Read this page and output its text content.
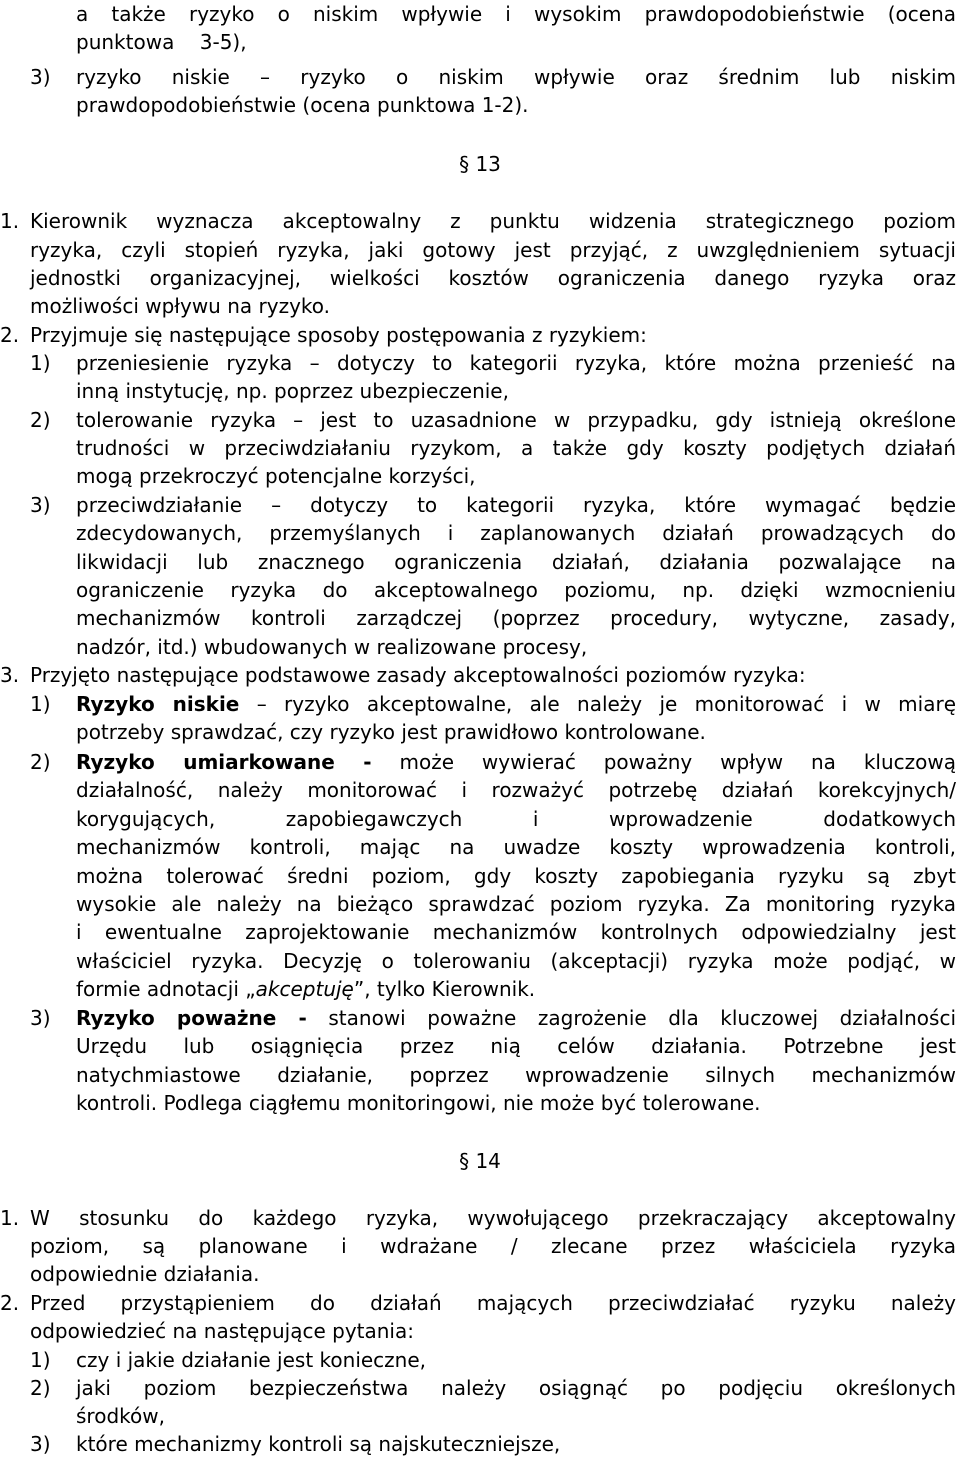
a także ryzyko o niskim wpływie i wysokim prawdopodobieństwie (ocena
punktowa    3-5),
3) ryzyko niskie – ryzyko o niskim wpływie oraz średnim lub niskim
prawdopodobieństwie (ocena punktowa 1-2).
§ 13
1. Kierownik wyznacza akceptowalny z punktu widzenia strategicznego poziom
ryzyka, czyli stopień ryzyka, jaki gotowy jest przyjąć, z uwzględnieniem sytuacji
jednostki organizacyjnej, wielkości kosztów ograniczenia danego ryzyka oraz
możliwości wpływu na ryzyko.
2. Przyjmuje się następujące sposoby postępowania z ryzykiem:
1) przeniesienie ryzyka – dotyczy to kategorii ryzyka, które można przenieść na
inną instytucję, np. poprzez ubezpieczenie,
2) tolerowanie ryzyka – jest to uzasadnione w przypadku, gdy istnieją określone
trudności w przeciwdziałaniu ryzykom, a także gdy koszty podjętych działań
mogą przekroczyć potencjalne korzyści,
3) przeciwdziałanie – dotyczy to kategorii ryzyka, które wymagać będzie
zdecydowanych, przemyślanych i zaplanowanych działań prowadzących do
likwidacji lub znacznego ograniczenia działań, działania pozwalające na
ograniczenie ryzyka do akceptowalnego poziomu, np. dzięki wzmocnieniu
mechanizmów kontroli zarządczej (poprzez procedury, wytyczne, zasady,
nadzór, itd.) wbudowanych w realizowane procesy,
3. Przyjęto następujące podstawowe zasady akceptowalności poziomów ryzyka:
1) Ryzyko niskie – ryzyko akceptowalne, ale należy je monitorować i w miarę
potrzeby sprawdzać, czy ryzyko jest prawidłowo kontrolowane.
2) Ryzyko umiarkowane - może wywierać poważny wpływ na kluczową
działalność, należy monitorować i rozważyć potrzebę działań korekcyjnych/
korygujących, zapobiegawczych i wprowadzenie dodatkowych
mechanizmów kontroli, mając na uwadze koszty wprowadzenia kontroli,
można tolerować średni poziom, gdy koszty zapobiegania ryzyku są zbyt
wysokie ale należy na bieżąco sprawdzać poziom ryzyka. Za monitoring ryzyka
i ewentualne zaprojektowanie mechanizmów kontrolnych odpowiedzialny jest
właściciel ryzyka. Decyzję o tolerowaniu (akceptacji) ryzyka może podjąć, w
formie adnotacji „akceptuję”, tylko Kierownik.
3) Ryzyko poważne - stanowi poważne zagrożenie dla kluczowej działalności
Urzędu lub osiągnięcia przez nią celów działania. Potrzebne jest
natychmiastowe działanie, poprzez wprowadzenie silnych mechanizmów
kontroli. Podlega ciągłemu monitoringowi, nie może być tolerowane.
§ 14
1. W stosunku do każdego ryzyka, wywołującego przekraczający akceptowalny
poziom, są planowane i wdrażane / zlecane przez właściciela ryzyka
odpowiednie działania.
2. Przed przystąpieniem do działań mających przeciwdziałać ryzyku należy
odpowiedzieć na następujące pytania:
1) czy i jakie działanie jest konieczne,
2) jaki poziom bezpieczeństwa należy osiągnąć po podjęciu określonych
środków,
3) które mechanizmy kontroli są najskuteczniejsze,
